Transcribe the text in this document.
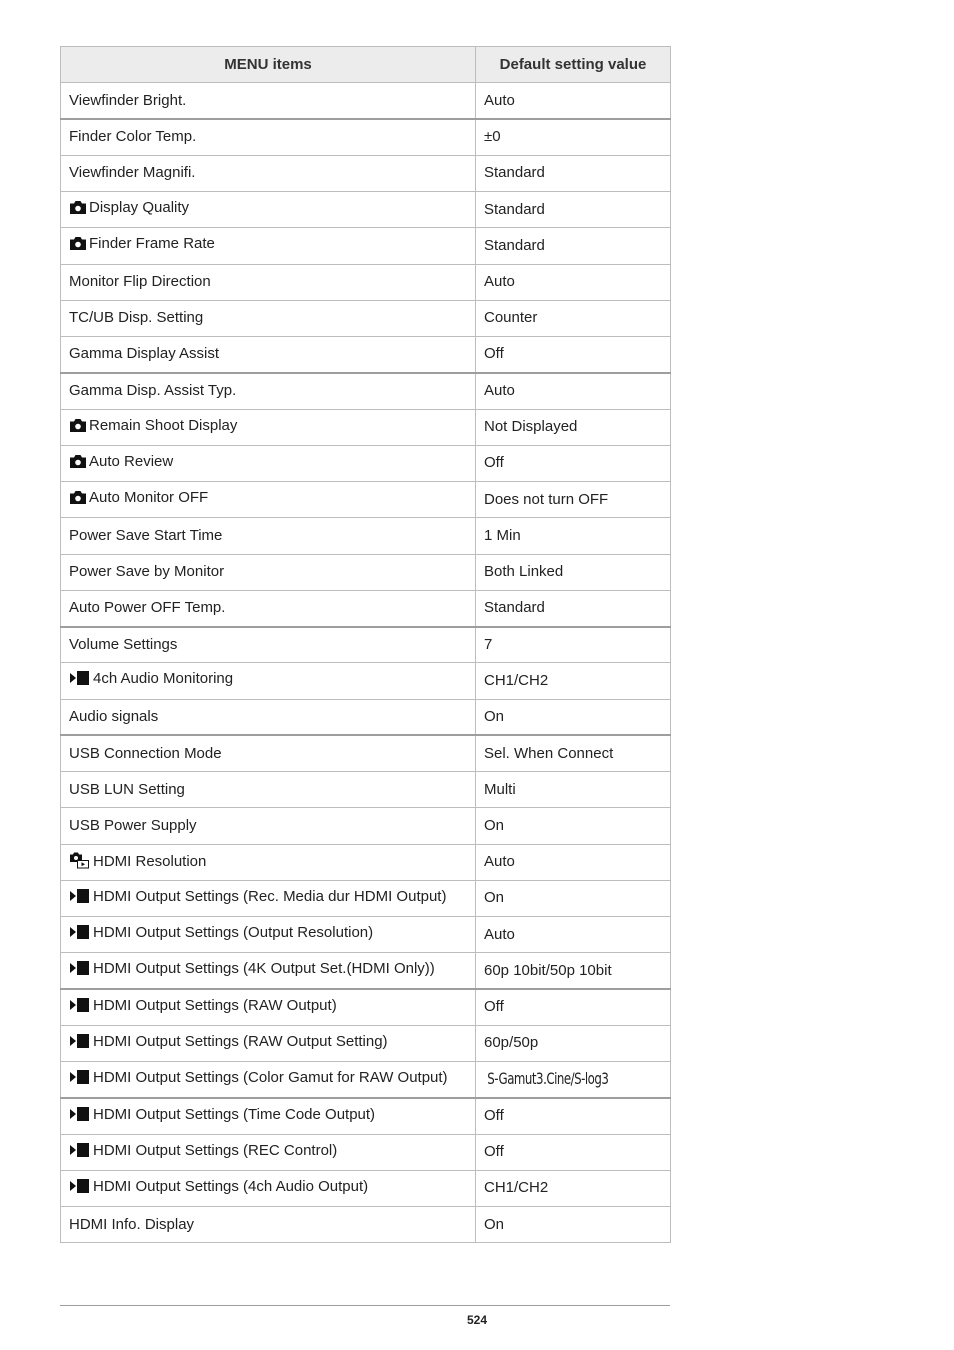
MENU items	Default setting value
Viewfinder Bright.	Auto
Finder Color Temp.	±0
Viewfinder Magnifi.	Standard
Display Quality	Standard
Finder Frame Rate	Standard
Monitor Flip Direction	Auto
TC/UB Disp. Setting	Counter
Gamma Display Assist	Off
Gamma Disp. Assist Typ.	Auto
Remain Shoot Display	Not Displayed
Auto Review	Off
Auto Monitor OFF	Does not turn OFF
Power Save Start Time	1 Min
Power Save by Monitor	Both Linked
Auto Power OFF Temp.	Standard
Volume Settings	7
4ch Audio Monitoring	CH1/CH2
Audio signals	On
USB Connection Mode	Sel. When Connect
USB LUN Setting	Multi
USB Power Supply	On
HDMI Resolution	Auto
HDMI Output Settings (Rec. Media dur HDMI Output)	On
HDMI Output Settings (Output Resolution)	Auto
HDMI Output Settings (4K Output Set.(HDMI Only))	60p 10bit/50p 10bit
HDMI Output Settings (RAW Output)	Off
HDMI Output Settings (RAW Output Setting)	60p/50p
HDMI Output Settings (Color Gamut for RAW Output)	S-Gamut3.Cine/S-log3
HDMI Output Settings (Time Code Output)	Off
HDMI Output Settings (REC Control)	Off
HDMI Output Settings (4ch Audio Output)	CH1/CH2
HDMI Info. Display	On
524
